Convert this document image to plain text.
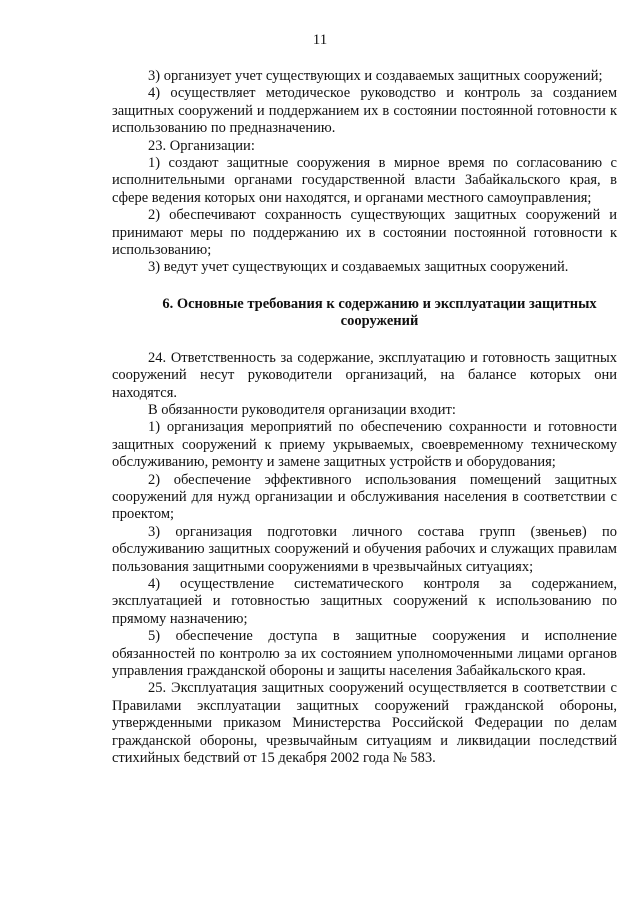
11

3) организует учет существующих и создаваемых защитных сооружений;

4) осуществляет методическое руководство и контроль за созданием защитных сооружений и поддержанием их в состоянии постоянной готовности к использованию по предназначению.

23. Организации:

1) создают защитные сооружения в мирное время по согласованию с исполнительными органами государственной власти Забайкальского края, в сфере ведения которых они находятся, и органами местного самоуправления;

2) обеспечивают сохранность существующих защитных сооружений и принимают меры по поддержанию их в состоянии постоянной готовности к использованию;

3) ведут учет существующих и создаваемых защитных сооружений.

6. Основные требования к содержанию и эксплуатации защитных сооружений

24. Ответственность за содержание, эксплуатацию и готовность защитных сооружений несут руководители организаций, на балансе которых они находятся.

В обязанности руководителя организации входит:

1) организация мероприятий по обеспечению сохранности и готовности защитных сооружений к приему укрываемых, своевременному техническому обслуживанию, ремонту и замене защитных устройств и оборудования;

2) обеспечение эффективного использования помещений защитных сооружений для нужд организации и обслуживания населения в соответствии с проектом;

3) организация подготовки личного состава групп (звеньев) по обслуживанию защитных сооружений и обучения рабочих и служащих правилам пользования защитными сооружениями в чрезвычайных ситуациях;

4) осуществление систематического контроля за содержанием, эксплуатацией и готовностью защитных сооружений к использованию по прямому назначению;

5) обеспечение доступа в защитные сооружения и исполнение обязанностей по контролю за их состоянием уполномоченными лицами органов управления гражданской обороны и защиты населения Забайкальского края.

25. Эксплуатация защитных сооружений осуществляется в соответствии с Правилами эксплуатации защитных сооружений гражданской обороны, утвержденными приказом Министерства Российской Федерации по делам гражданской обороны, чрезвычайным ситуациям и ликвидации последствий стихийных бедствий от 15 декабря 2002 года № 583.
